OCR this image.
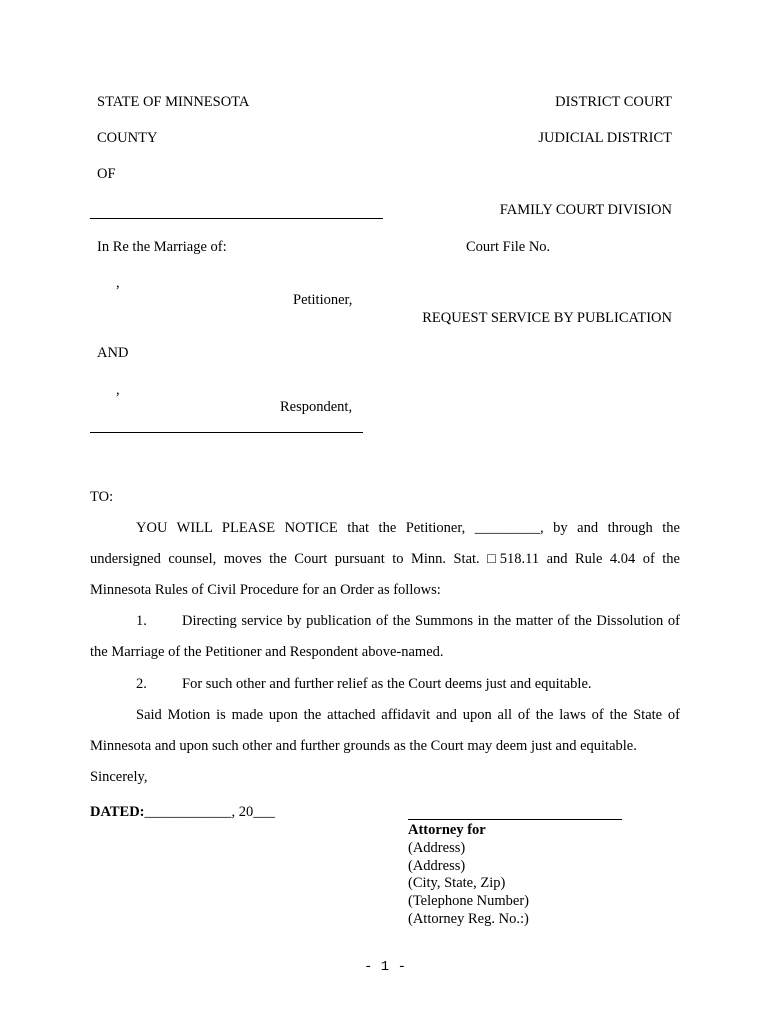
STATE OF MINNESOTA	DISTRICT COURT
COUNTY	JUDICIAL DISTRICT
OF
FAMILY COURT DIVISION
In Re the Marriage of:	Court File No.
,
Petitioner,
REQUEST SERVICE BY PUBLICATION
AND
,
Respondent,
TO:
YOU WILL PLEASE NOTICE that the Petitioner, _________, by and through the
undersigned counsel, moves the Court pursuant to Minn. Stat. □518.11 and Rule 4.04 of the
Minnesota Rules of Civil Procedure for an Order as follows:
1. Directing service by publication of the Summons in the matter of the Dissolution of
the Marriage of the Petitioner and Respondent above-named.
2. For such other and further relief as the Court deems just and equitable.
Said Motion is made upon the attached affidavit and upon all of the laws of the State of
Minnesota and upon such other and further grounds as the Court may deem just and equitable.
Sincerely,
DATED:____________, 20___
Attorney for
(Address)
(Address)
(City, State, Zip)
(Telephone Number)
(Attorney Reg. No.:)
- 1 -
